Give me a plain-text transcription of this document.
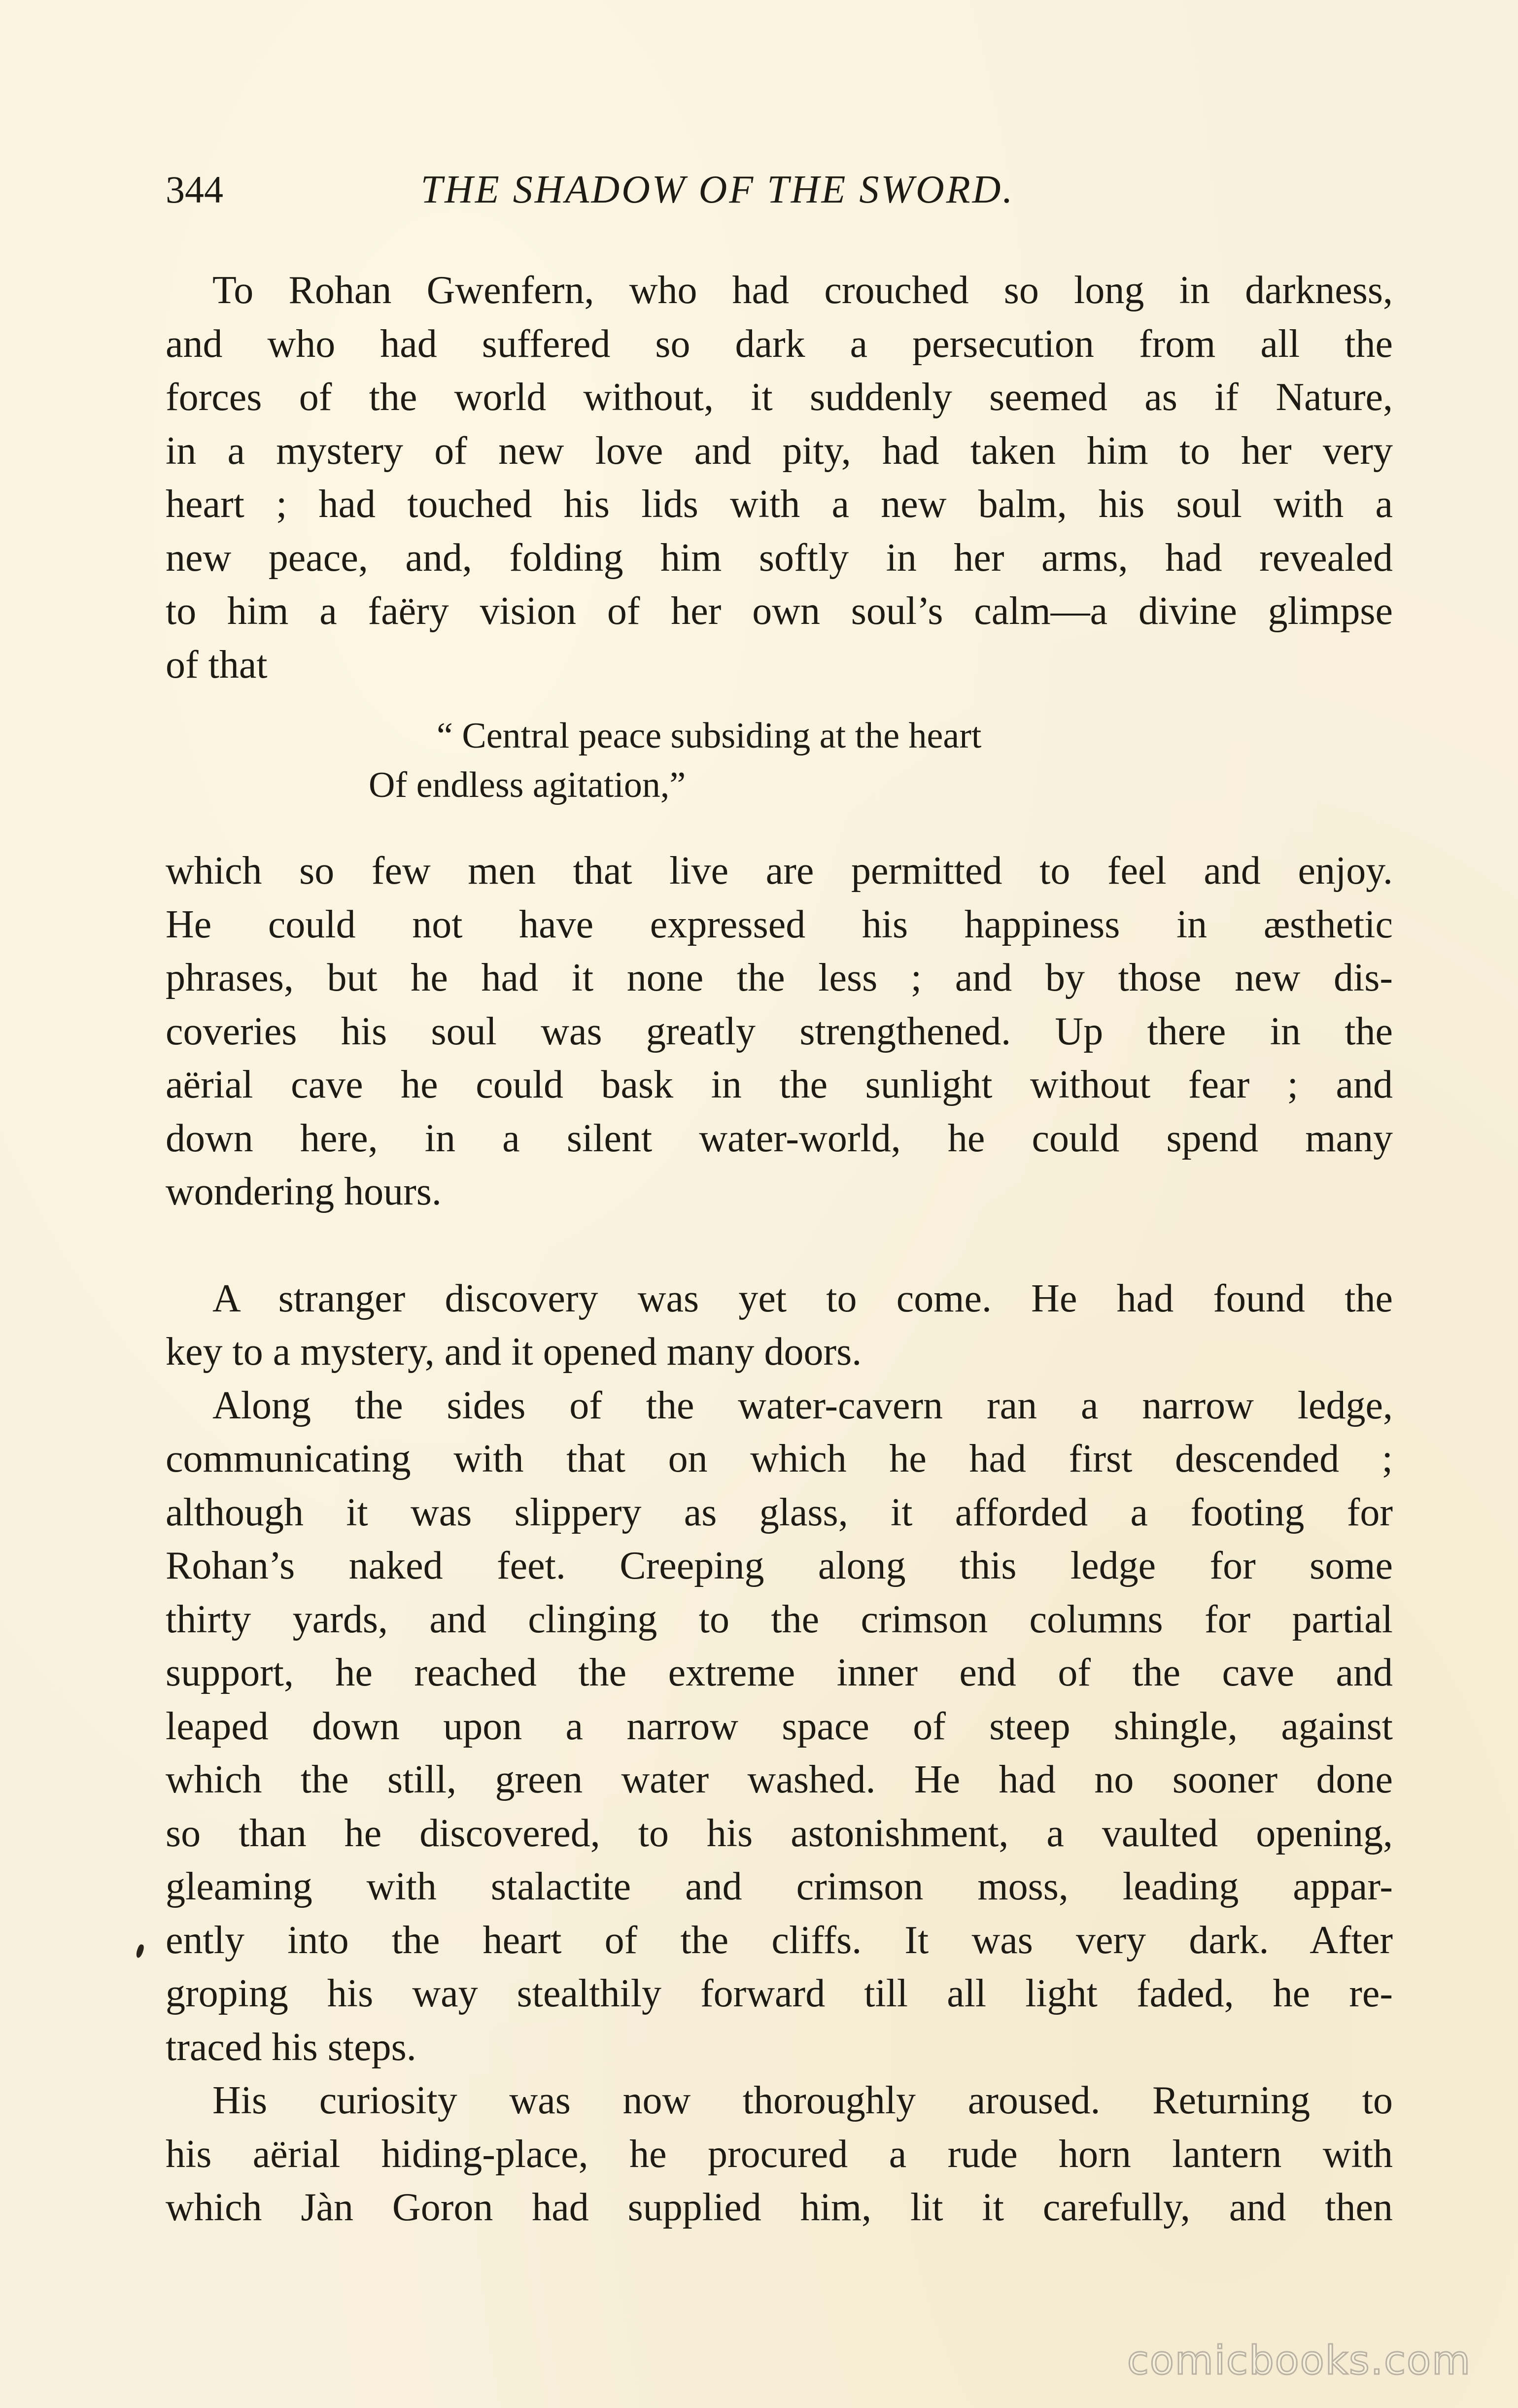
344	THE SHADOW OF THE SWORD.
To Rohan Gwenfern, who had crouched so long in darkness,
and who had suffered so dark a persecution from all the
forces of the world without, it suddenly seemed as if Nature,
in a mystery of new love and pity, had taken him to her very
heart ; had touched his lids with a new balm, his soul with a
new peace, and, folding him softly in her arms, had revealed
to him a faëry vision of her own soul’s calm—a divine glimpse
of that
“ Central peace subsiding at the heart
Of endless agitation,”
which so few men that live are permitted to feel and enjoy.
He could not have expressed his happiness in æsthetic
phrases, but he had it none the less ; and by those new dis-
coveries his soul was greatly strengthened. Up there in the
aërial cave he could bask in the sunlight without fear ; and
down here, in a silent water-world, he could spend many
wondering hours.
A stranger discovery was yet to come. He had found the
key to a mystery, and it opened many doors.
Along the sides of the water-cavern ran a narrow ledge,
communicating with that on which he had first descended ;
although it was slippery as glass, it afforded a footing for
Rohan’s naked feet. Creeping along this ledge for some
thirty yards, and clinging to the crimson columns for partial
support, he reached the extreme inner end of the cave and
leaped down upon a narrow space of steep shingle, against
which the still, green water washed. He had no sooner done
so than he discovered, to his astonishment, a vaulted opening,
gleaming with stalactite and crimson moss, leading appar-
ently into the heart of the cliffs. It was very dark. After
groping his way stealthily forward till all light faded, he re-
traced his steps.
His curiosity was now thoroughly aroused. Returning to
his aërial hiding-place, he procured a rude horn lantern with
which Jàn Goron had supplied him, lit it carefully, and then
comicbooks.com
